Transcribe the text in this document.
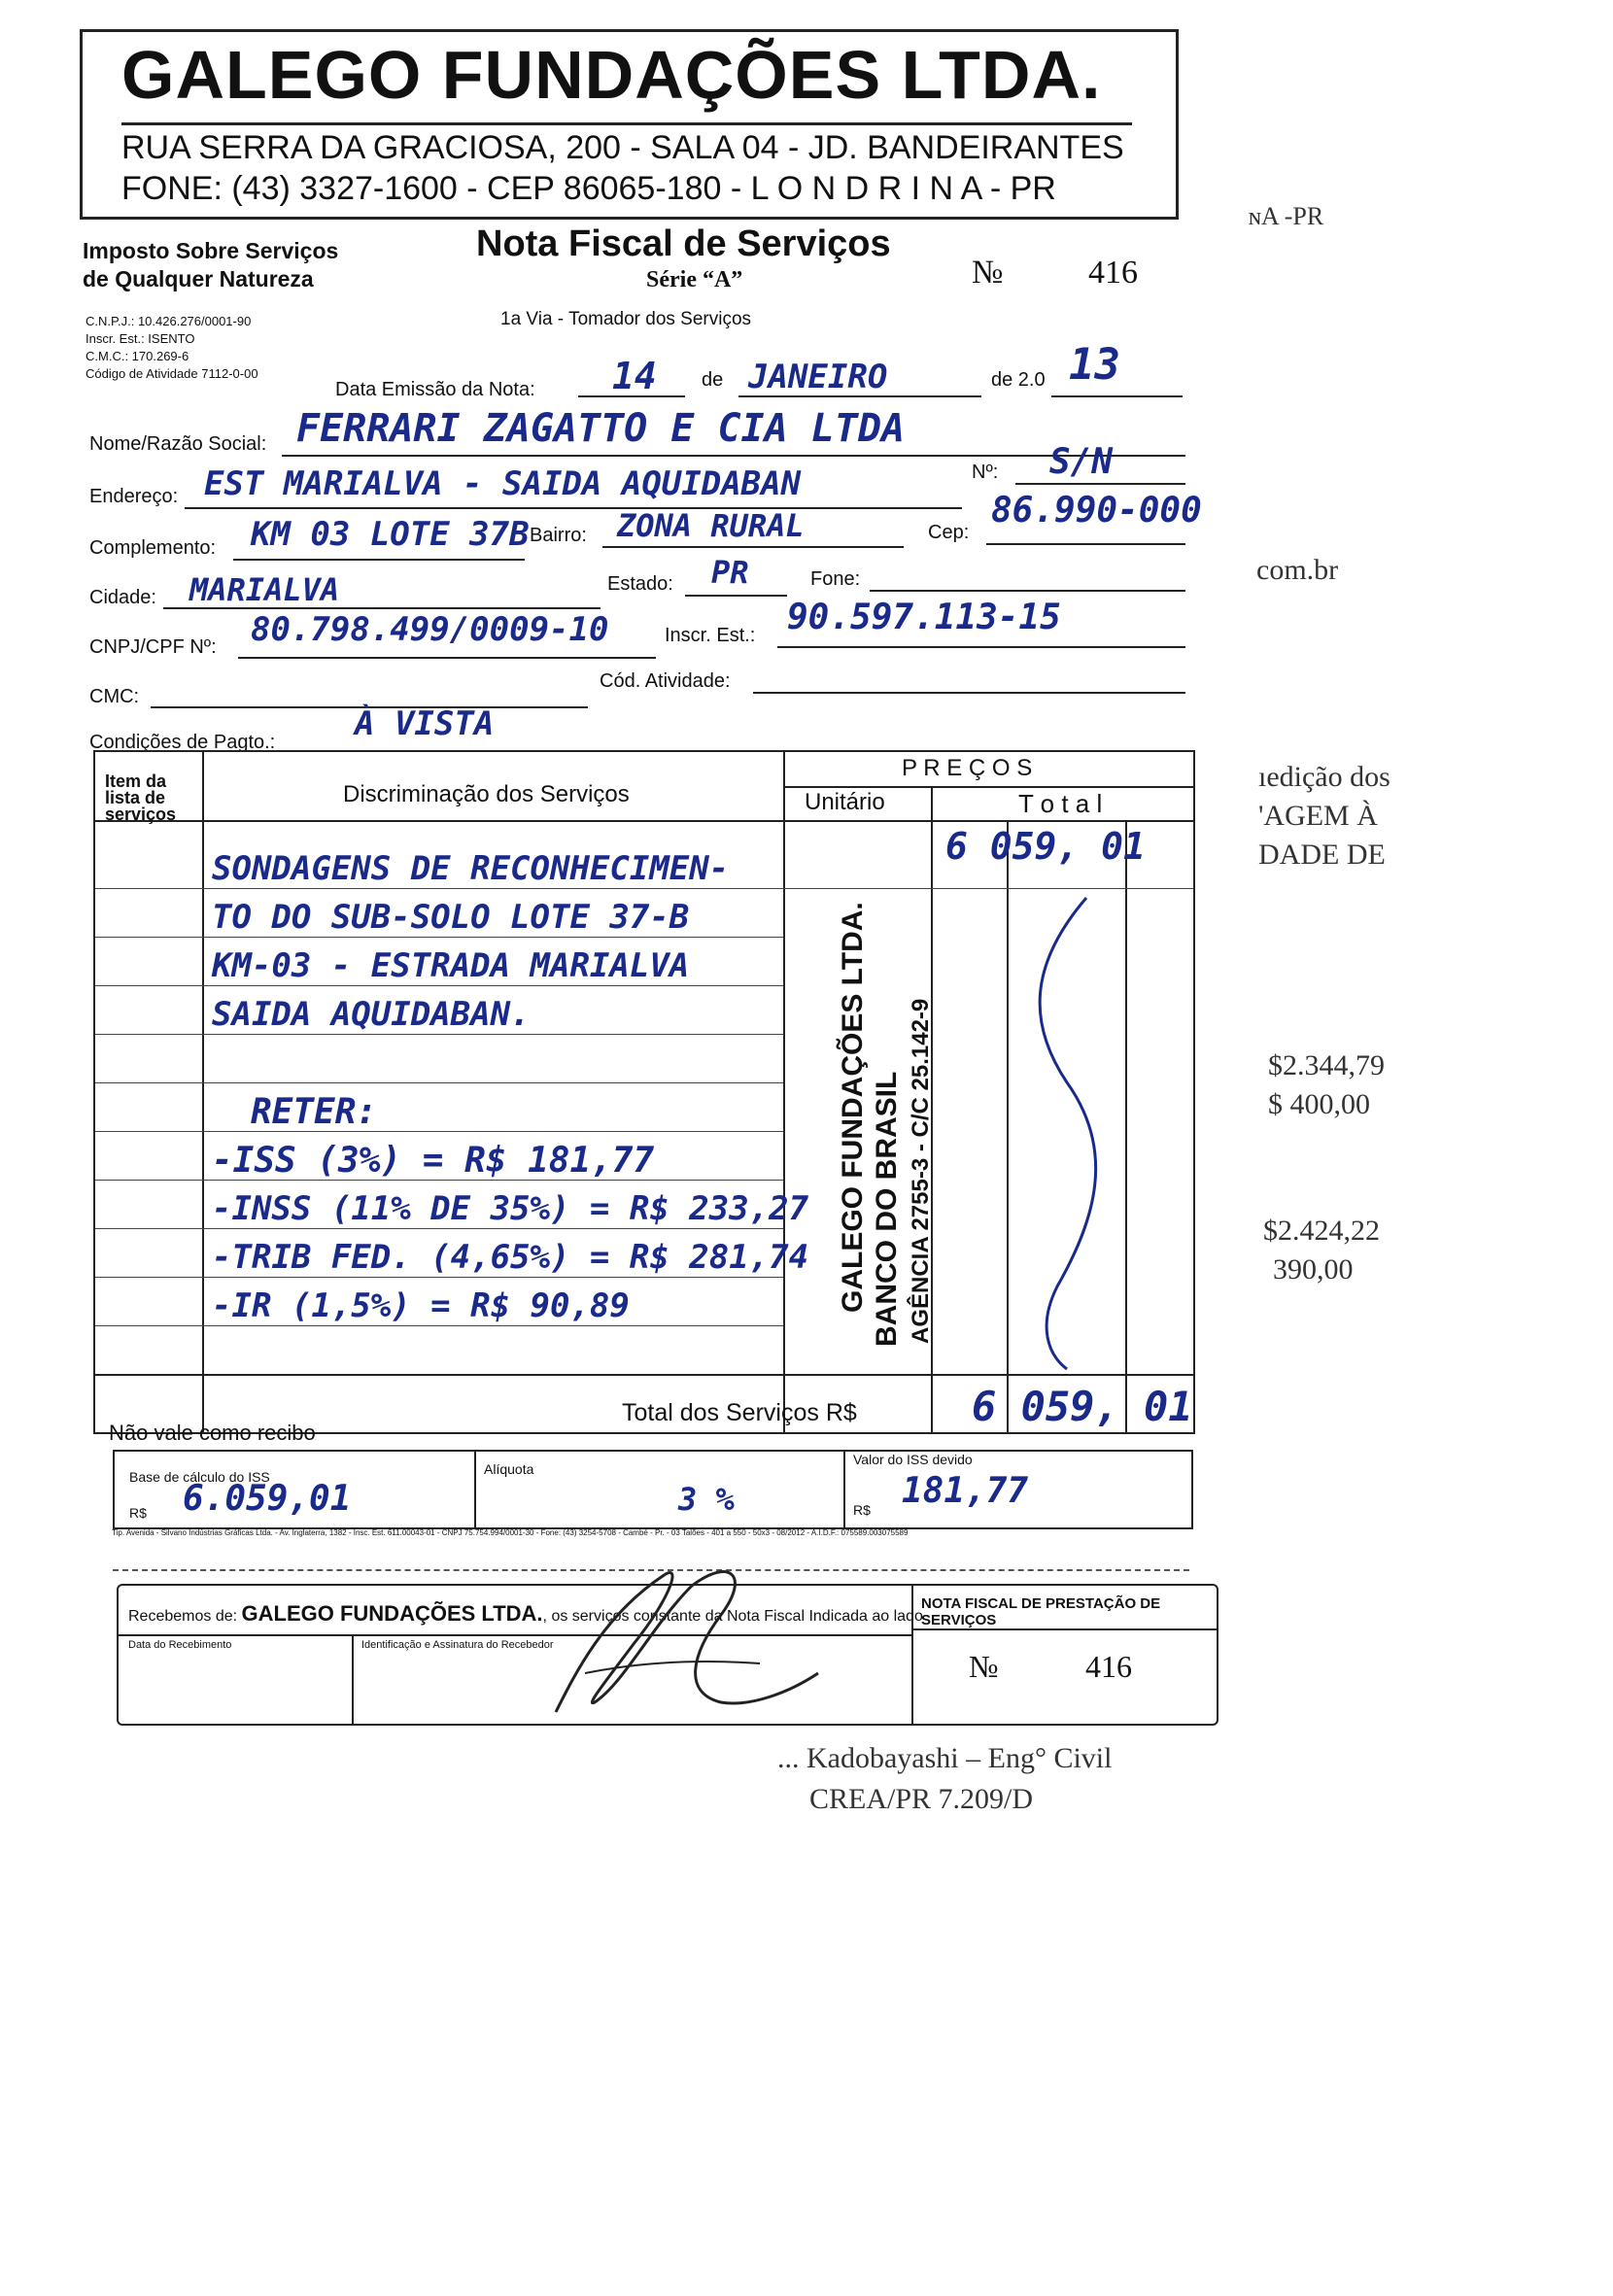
ɴA -PR
com.br
ıedição dos
'AGEM À
DADE DE
$2.344,79
$ 400,00
$2.424,22
390,00
... Kadobayashi – Eng° Civil
CREA/PR 7.209/D
GALEGO FUNDAÇÕES LTDA.
RUA SERRA DA GRACIOSA, 200 - SALA 04 - JD. BANDEIRANTES
FONE: (43) 3327-1600 - CEP 86065-180 - L O N D R I N A - PR
Imposto Sobre Serviços
de Qualquer Natureza
C.N.P.J.: 10.426.276/0001-90
Inscr. Est.: ISENTO
C.M.C.: 170.269-6
Código de Atividade 7112-0-00
Nota Fiscal de Serviços
Série “A”	№	416
1a Via - Tomador dos Serviços
Data Emissão da Nota: 14 de JANEIRO	de 2.0 13
Nome/Razão Social: FERRARI ZAGATTO E CIA LTDA
Endereço: EST MARIALVA - SAIDA AQUIDABAN	Nº: S/N
Complemento: KM 03 LOTE 37B Bairro: ZONA RURAL	Cep:
86.990-000
Cidade: MARIALVA	Estado: PR	Fone:
CNPJ/CPF Nº: 80.798.499/0009-10	Inscr. Est.: 90.597.113-15
CMC:
Cód. Atividade:
Condições de Pagto.: À VISTA
Item da lista de serviços
Discriminação dos Serviços
P R E Ç O S
Unitário	T o t a l
SONDAGENS DE RECONHECIMEN-
TO DO SUB-SOLO LOTE 37-B
KM-03 - ESTRADA MARIALVA
SAIDA AQUIDABAN.
RETER:
-ISS (3%) = R$ 181,77
-INSS (11% DE 35%) = R$ 233,27
-TRIB FED. (4,65%) = R$ 281,74
-IR (1,5%) = R$ 90,89
6 059, 01
GALEGO FUNDAÇÕES LTDA. BANCO DO BRASIL AGÊNCIA 2755-3 - C/C 25.142-9
Não vale como recibo
Total dos Serviços R$	6 059, 01
Base de cálculo do ISS
R$ 6.059,01
Alíquota
3 %
Valor do ISS devido
R$ 181,77
Tip. Avenida - Silvano Indústrias Gráficas Ltda. - Av. Inglaterra, 1382 - Insc. Est. 611.00043-01 - CNPJ 75.754.994/0001-30 - Fone: (43) 3254-5708 - Cambé - Pr. - 03 Talões - 401 a 550 - 50x3 - 08/2012 - A.I.D.F.: 075589.003075589
Recebemos de: GALEGO FUNDAÇÕES LTDA., os serviços constante da Nota Fiscal Indicada ao lado
Data do Recebimento	Identificação e Assinatura do Recebedor
NOTA FISCAL DE PRESTAÇÃO DE SERVIÇOS
№	416
